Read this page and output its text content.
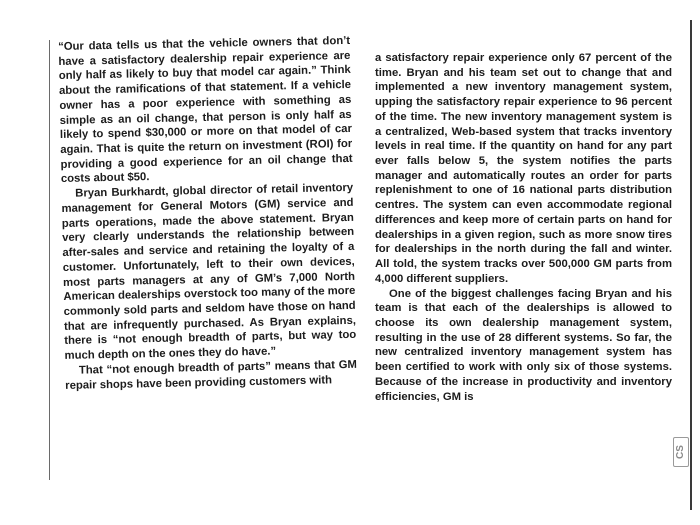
“Our data tells us that the vehicle owners that don’t have a satisfactory dealership repair experience are only half as likely to buy that model car again.” Think about the ramifications of that statement. If a vehicle owner has a poor experience with something as simple as an oil change, that person is only half as likely to spend $30,000 or more on that model of car again. That is quite the return on investment (ROI) for providing a good experience for an oil change that costs about $50.

Bryan Burkhardt, global director of retail inventory management for General Motors (GM) service and parts operations, made the above statement. Bryan very clearly understands the relationship between after-sales and service and retaining the loyalty of a customer. Unfortunately, left to their own devices, most parts managers at any of GM’s 7,000 North American dealerships overstock too many of the more commonly sold parts and seldom have those on hand that are infrequently purchased. As Bryan explains, there is “not enough breadth of parts, but way too much depth on the ones they do have.”

That “not enough breadth of parts” means that GM repair shops have been providing customers with

a satisfactory repair experience only 67 percent of the time. Bryan and his team set out to change that and implemented a new inventory management system, upping the satisfactory repair experience to 96 percent of the time. The new inventory management system is a centralized, Web-based system that tracks inventory levels in real time. If the quantity on hand for any part ever falls below 5, the system notifies the parts manager and automatically routes an order for parts replenishment to one of 16 national parts distribution centres. The system can even accommodate regional differences and keep more of certain parts on hand for dealerships in a given region, such as more snow tires for dealerships in the north during the fall and winter. All told, the system tracks over 500,000 GM parts from 4,000 different suppliers.

One of the biggest challenges facing Bryan and his team is that each of the dealerships is allowed to choose its own dealership management system, resulting in the use of 28 different systems. So far, the new centralized inventory management system has been certified to work with only six of those systems. Because of the increase in productivity and inventory efficiencies, GM is

CS
